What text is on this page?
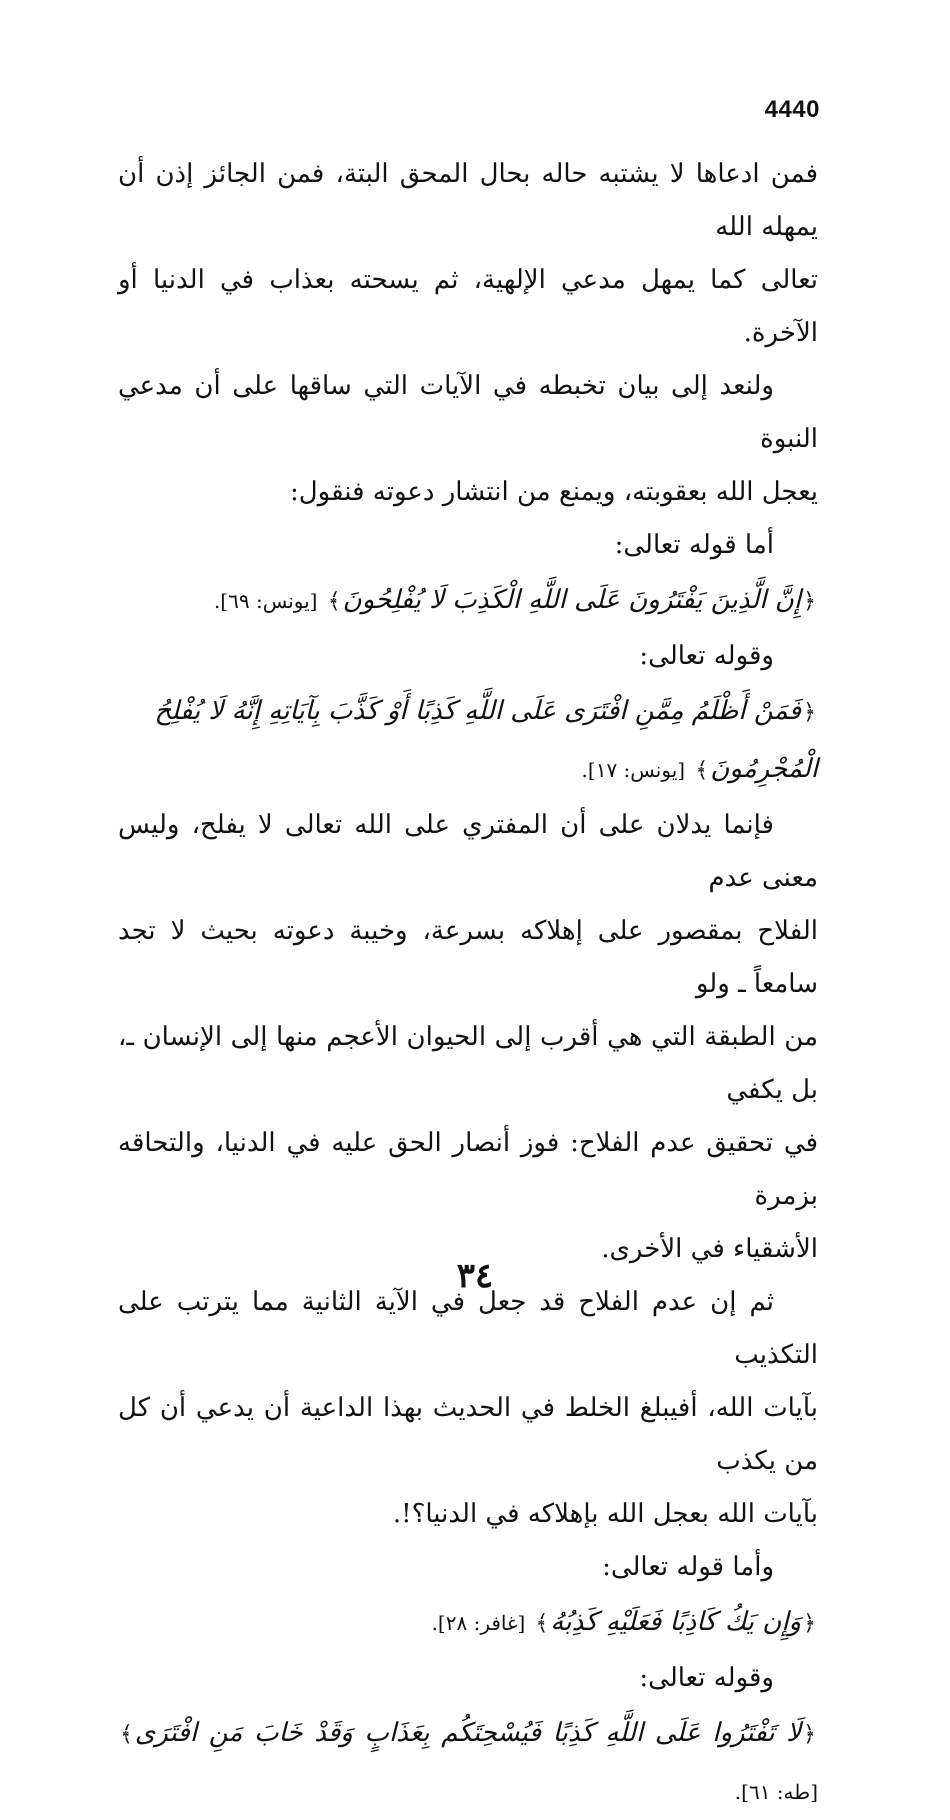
4440

فمن ادعاها لا يشتبه حاله بحال المحق البتة، فمن الجائز إذن أن يمهله الله
تعالى كما يمهل مدعي الإلهية، ثم يسحته بعذاب في الدنيا أو الآخرة.

ولنعد إلى بيان تخبطه في الآيات التي ساقها على أن مدعي النبوة
يعجل الله بعقوبته، ويمنع من انتشار دعوته فنقول:

أما قوله تعالى:

﴿إِنَّ الَّذِينَ يَفْتَرُونَ عَلَى اللَّهِ الْكَذِبَ لَا يُفْلِحُونَ﴾ [يونس: ٦٩].

وقوله تعالى:

﴿فَمَنْ أَظْلَمُ مِمَّنِ افْتَرَى عَلَى اللَّهِ كَذِبًا أَوْ كَذَّبَ بِآيَاتِهِ إِنَّهُ لَا يُفْلِحُ
الْمُجْرِمُونَ﴾ [يونس: ١٧].

فإنما يدلان على أن المفتري على الله تعالى لا يفلح، وليس معنى عدم
الفلاح بمقصور على إهلاكه بسرعة، وخيبة دعوته بحيث لا تجد سامعاً ـ ولو
من الطبقة التي هي أقرب إلى الحيوان الأعجم منها إلى الإنسان ـ، بل يكفي
في تحقيق عدم الفلاح: فوز أنصار الحق عليه في الدنيا، والتحاقه بزمرة
الأشقياء في الأخرى.

ثم إن عدم الفلاح قد جعل في الآية الثانية مما يترتب على التكذيب
بآيات الله، أفيبلغ الخلط في الحديث بهذا الداعية أن يدعي أن كل من يكذب
بآيات الله بعجل الله بإهلاكه في الدنيا؟!.

وأما قوله تعالى:

﴿وَإِن يَكُ كَاذِبًا فَعَلَيْهِ كَذِبُهُ﴾ [غافر: ٢٨].

وقوله تعالى:

﴿لَا تَفْتَرُوا عَلَى اللَّهِ كَذِبًا فَيُسْحِتَكُم بِعَذَابٍ وَقَدْ خَابَ مَنِ افْتَرَى﴾ [طه: ٦١].

٣٤
